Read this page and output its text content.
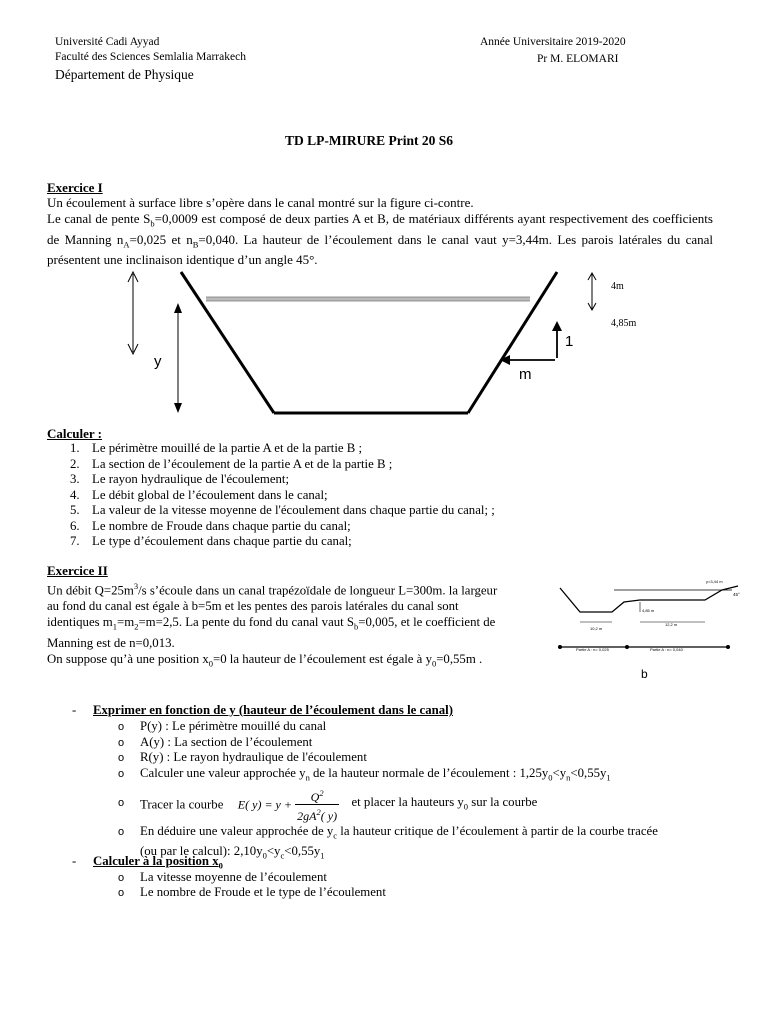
Université Cadi Ayyad
Faculté des Sciences Semlalia Marrakech
Département de Physique
Année Universitaire 2019-2020
Pr M. ELOMARI
TD LP-MIRURE Print 20 S6
Exercice I
Un écoulement à surface libre s’opère dans le canal montré sur la figure ci-contre.
Le canal de pente $S_b=0,0009$ est composé de deux parties A et B, de matériaux différents ayant respectivement des coefficients de Manning $n_A=0,025$ et $n_B=0,040$. La hauteur de l’écoulement dans le canal vaut y=3,44m. Les parois latérales du canal présentent une inclinaison identique d’un angle 45°.
y
m
1
4m
4,85m
Calculer :
1. Le périmètre mouillé de la partie A et de la partie B ;
2. La section de l’écoulement de la partie A et de la partie B ;
3. Le rayon hydraulique de l'écoulement;
4. Le débit global de l’écoulement dans le canal;
5. La valeur de la vitesse moyenne de l'écoulement dans chaque partie du canal; ;
6. Le nombre de Froude dans chaque partie du canal;
7. Le type d’écoulement dans chaque partie du canal;
Exercice II
Un débit $Q=25m^3/s$ s’écoule dans un canal trapézoïdale de longueur L=300m. la largeur
au fond du canal est égale à b=5m et les pentes des parois latérales du canal sont
identiques $m_1=m_2=m=2,5$. La pente du fond du canal vaut $S_b=0,005$, et le coefficient de
Manning est de n=0,013.
On suppose qu’à une position $x_0=0$ la hauteur de l’écoulement est égale à $y_0=0,55m$ .
y=3,44 m
45°
4,85 m
10,2 m
12,2 m
Partie A : n= 0,025	Partie A : n= 0,040
b
- Exprimer en fonction de y (hauteur de l’écoulement dans le canal)
o P(y) : Le périmètre mouillé du canal
o A(y) : La section de l’écoulement
o R(y) : Le rayon hydraulique de l'écoulement
o Calculer une valeur approchée $y_n$ de la hauteur normale de l’écoulement : $1,25y_0<y_n<0,55y_1$
o Tracer la courbe E( $y) = y + \frac{Q^2}{2gA^2( y)}$ et placer la hauteurs $y_0$ sur la courbe
o En déduire une valeur approchée de $y_c$ la hauteur critique de l’écoulement à partir de la courbe tracée
(ou par le calcul): $2,10y_0<y_c<0,55y_1$
- Calculer à la position $x_0$
o La vitesse moyenne de l’écoulement
o Le nombre de Froude et le type de l’écoulement
